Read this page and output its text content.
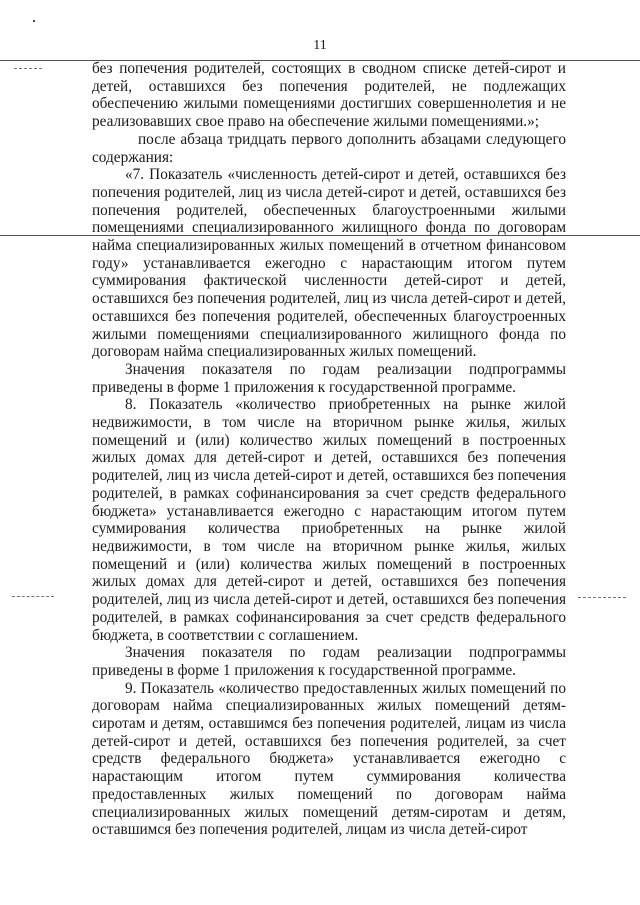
11

без попечения родителей, состоящих в сводном списке детей-сирот и детей, оставшихся без попечения родителей, не подлежащих обеспечению жилыми помещениями достигших совершеннолетия и не реализовавших свое право на обеспечение жилыми помещениями.»;

после абзаца тридцать первого дополнить абзацами следующего содержания:

«7. Показатель «численность детей-сирот и детей, оставшихся без попечения родителей, лиц из числа детей-сирот и детей, оставшихся без попечения родителей, обеспеченных благоустроенными жилыми помещениями специализированного жилищного фонда по договорам найма специализированных жилых помещений в отчетном финансовом году» устанавливается ежегодно с нарастающим итогом путем суммирования фактической численности детей-сирот и детей, оставшихся без попечения родителей, лиц из числа детей-сирот и детей, оставшихся без попечения родителей, обеспеченных благоустроенных жилыми помещениями специализированного жилищного фонда по договорам найма специализированных жилых помещений.

Значения показателя по годам реализации подпрограммы приведены в форме 1 приложения к государственной программе.

8. Показатель «количество приобретенных на рынке жилой недвижимости, в том числе на вторичном рынке жилья, жилых помещений и (или) количество жилых помещений в построенных жилых домах для детей-сирот и детей, оставшихся без попечения родителей, лиц из числа детей-сирот и детей, оставшихся без попечения родителей, в рамках софинансирования за счет средств федерального бюджета» устанавливается ежегодно с нарастающим итогом путем суммирования количества приобретенных на рынке жилой недвижимости, в том числе на вторичном рынке жилья, жилых помещений и (или) количества жилых помещений в построенных жилых домах для детей-сирот и детей, оставшихся без попечения родителей, лиц из числа детей-сирот и детей, оставшихся без попечения родителей, в рамках софинансирования за счет средств федерального бюджета, в соответствии с соглашением.

Значения показателя по годам реализации подпрограммы приведены в форме 1 приложения к государственной программе.

9. Показатель «количество предоставленных жилых помещений по договорам найма специализированных жилых помещений детям-сиротам и детям, оставшимся без попечения родителей, лицам из числа детей-сирот и детей, оставшихся без попечения родителей, за счет средств федерального бюджета» устанавливается ежегодно с нарастающим итогом путем суммирования количества предоставленных жилых помещений по договорам найма специализированных жилых помещений детям-сиротам и детям, оставшимся без попечения родителей, лицам из числа детей-сирот
